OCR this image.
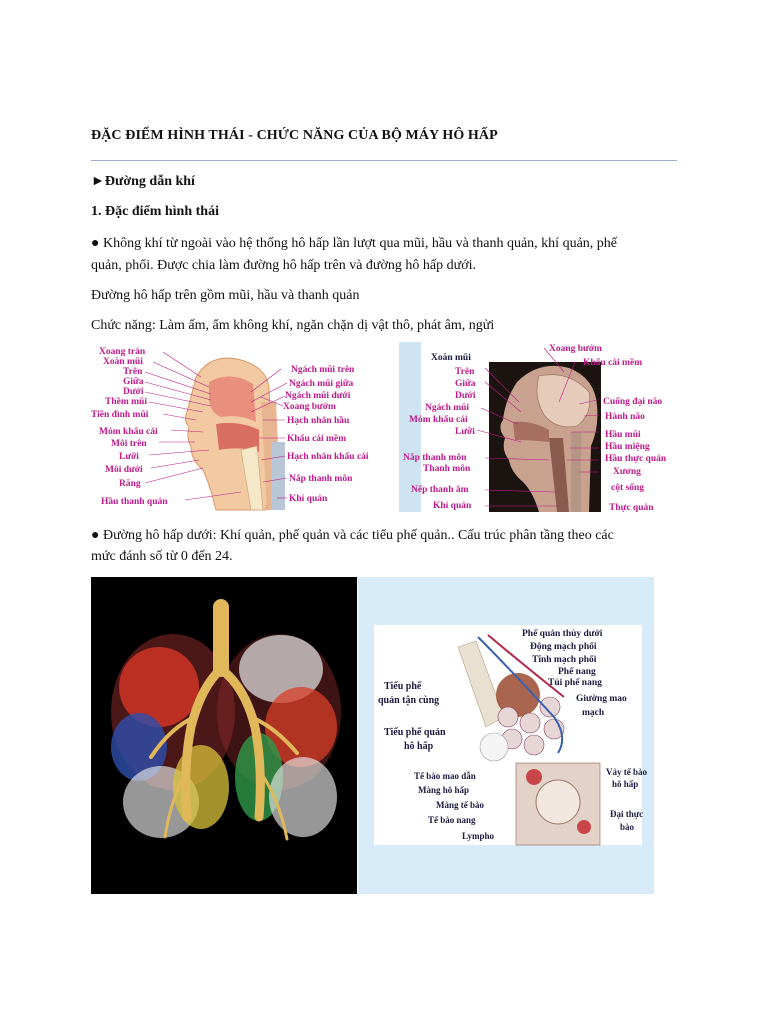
ĐẶC ĐIỂM HÌNH THÁI - CHỨC NĂNG CỦA BỘ MÁY HÔ HẤP
►Đường dẫn khí
1. Đặc điểm hình thái
● Không khí từ ngoài vào hệ thống hô hấp lần lượt qua mũi, hầu và thanh quản, khí quản, phế
quản, phổi. Được chia làm đường hô hấp trên và đường hô hấp dưới.
Đường hô hấp trên gồm mũi, hầu và thanh quản
Chức năng: Làm ấm, ẩm không khí, ngăn chặn dị vật thô, phát âm, ngửi
Xoang trán
Xoăn mũi
Trên
Giữa
Dưới
Thềm mũi
Tiền đình mũi
Mỏm khẩu cái
Môi trên
Lưỡi
Môi dưới
Răng
Hầu thanh quản
Ngách mũi trên
Ngách mũi giữa
Ngách mũi dưới
Xoang bướm
Hạch nhân hầu
Khẩu cái mềm
Hạch nhân khẩu cái
Nắp thanh môn
Khí quản
Xoăn mũi
Trên
Giữa
Dưới
Ngách mũi
Mỏm khẩu cái
Lưỡi
Nắp thanh môn
Thanh môn
Nếp thanh âm
Khí quản
Xoang bướm
Khẩu cái mềm
Cuống đại não
Hành não
Hầu mũi
Hầu miệng
Hầu thực quản
Xương
cột sống
Thực quản
● Đường hô hấp dưới: Khí quản, phế quản và các tiểu phế quản.. Cấu trúc phân tầng theo các
mức đánh số từ 0 đến 24.
Phế quản thùy dưới
Động mạch phổi
Tĩnh mạch phổi
Phế nang
Túi phế nang
Giường mao
mạch
Tiểu phế
quản tận cùng
Tiểu phế quản
hô hấp
Tế bào mao dẫn
Màng hô hấp
Màng tế bào
Tế bào nang
Lympho
Vảy tế bào
hô hấp
Đại thực
bào
